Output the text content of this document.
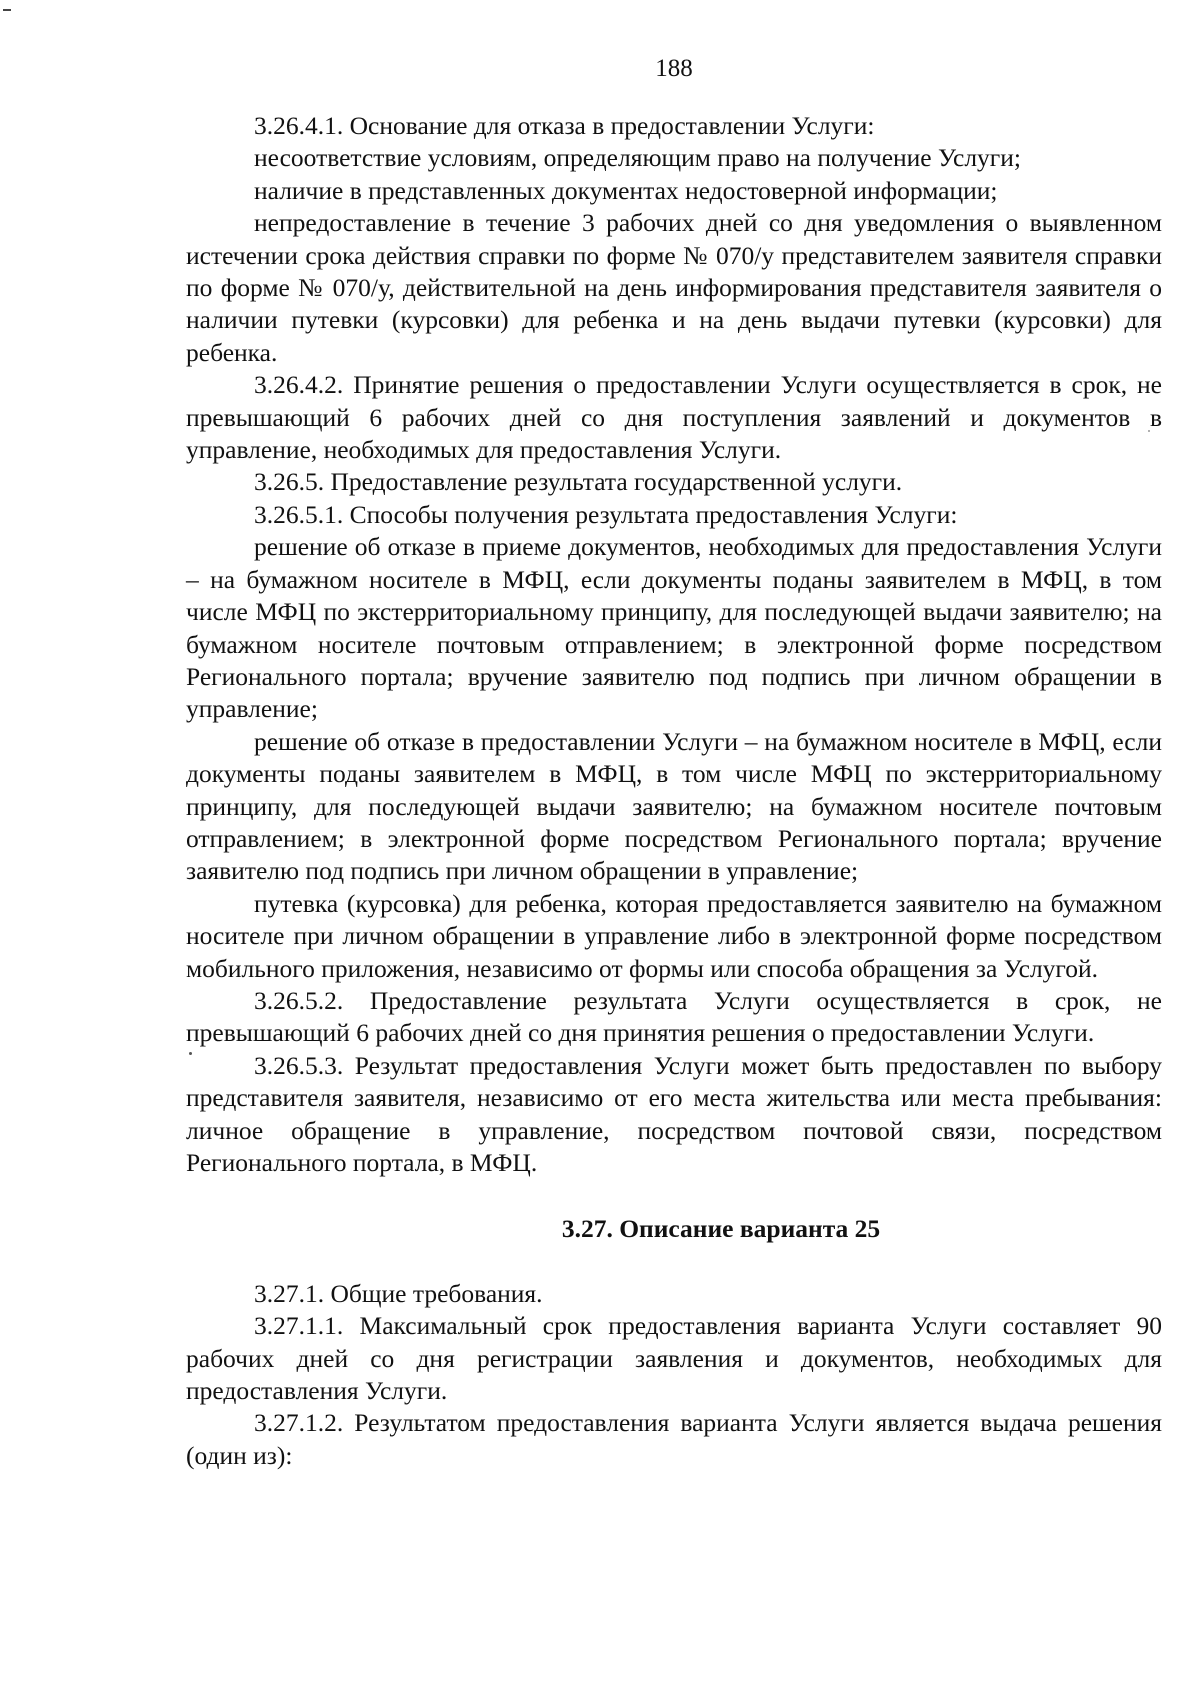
188

3.26.4.1. Основание для отказа в предоставлении Услуги:

несоответствие условиям, определяющим право на получение Услуги;

наличие в представленных документах недостоверной информации;

непредоставление в течение 3 рабочих дней со дня уведомления о выявленном истечении срока действия справки по форме № 070/у представителем заявителя справки по форме № 070/у, действительной на день информирования представителя заявителя о наличии путевки (курсовки) для ребенка и на день выдачи путевки (курсовки) для ребенка.

3.26.4.2. Принятие решения о предоставлении Услуги осуществляется в срок, не превышающий 6 рабочих дней со дня поступления заявлений и документов в управление, необходимых для предоставления Услуги.

3.26.5. Предоставление результата государственной услуги.

3.26.5.1. Способы получения результата предоставления Услуги:

решение об отказе в приеме документов, необходимых для предоставления Услуги – на бумажном носителе в МФЦ, если документы поданы заявителем в МФЦ, в том числе МФЦ по экстерриториальному принципу, для последующей выдачи заявителю; на бумажном носителе почтовым отправлением; в электронной форме посредством Регионального портала; вручение заявителю под подпись при личном обращении в управление;

решение об отказе в предоставлении Услуги – на бумажном носителе в МФЦ, если документы поданы заявителем в МФЦ, в том числе МФЦ по экстерриториальному принципу, для последующей выдачи заявителю; на бумажном носителе почтовым отправлением; в электронной форме посредством Регионального портала; вручение заявителю под подпись при личном обращении в управление;

путевка (курсовка) для ребенка, которая предоставляется заявителю на бумажном носителе при личном обращении в управление либо в электронной форме посредством мобильного приложения, независимо от формы или способа обращения за Услугой.

3.26.5.2. Предоставление результата Услуги осуществляется в срок, не превышающий 6 рабочих дней со дня принятия решения о предоставлении Услуги.

3.26.5.3. Результат предоставления Услуги может быть предоставлен по выбору представителя заявителя, независимо от его места жительства или места пребывания: личное обращение в управление, посредством почтовой связи, посредством Регионального портала, в МФЦ.

3.27. Описание варианта 25

3.27.1. Общие требования.

3.27.1.1. Максимальный срок предоставления варианта Услуги составляет 90 рабочих дней со дня регистрации заявления и документов, необходимых для предоставления Услуги.

3.27.1.2. Результатом предоставления варианта Услуги является выдача решения (один из):
